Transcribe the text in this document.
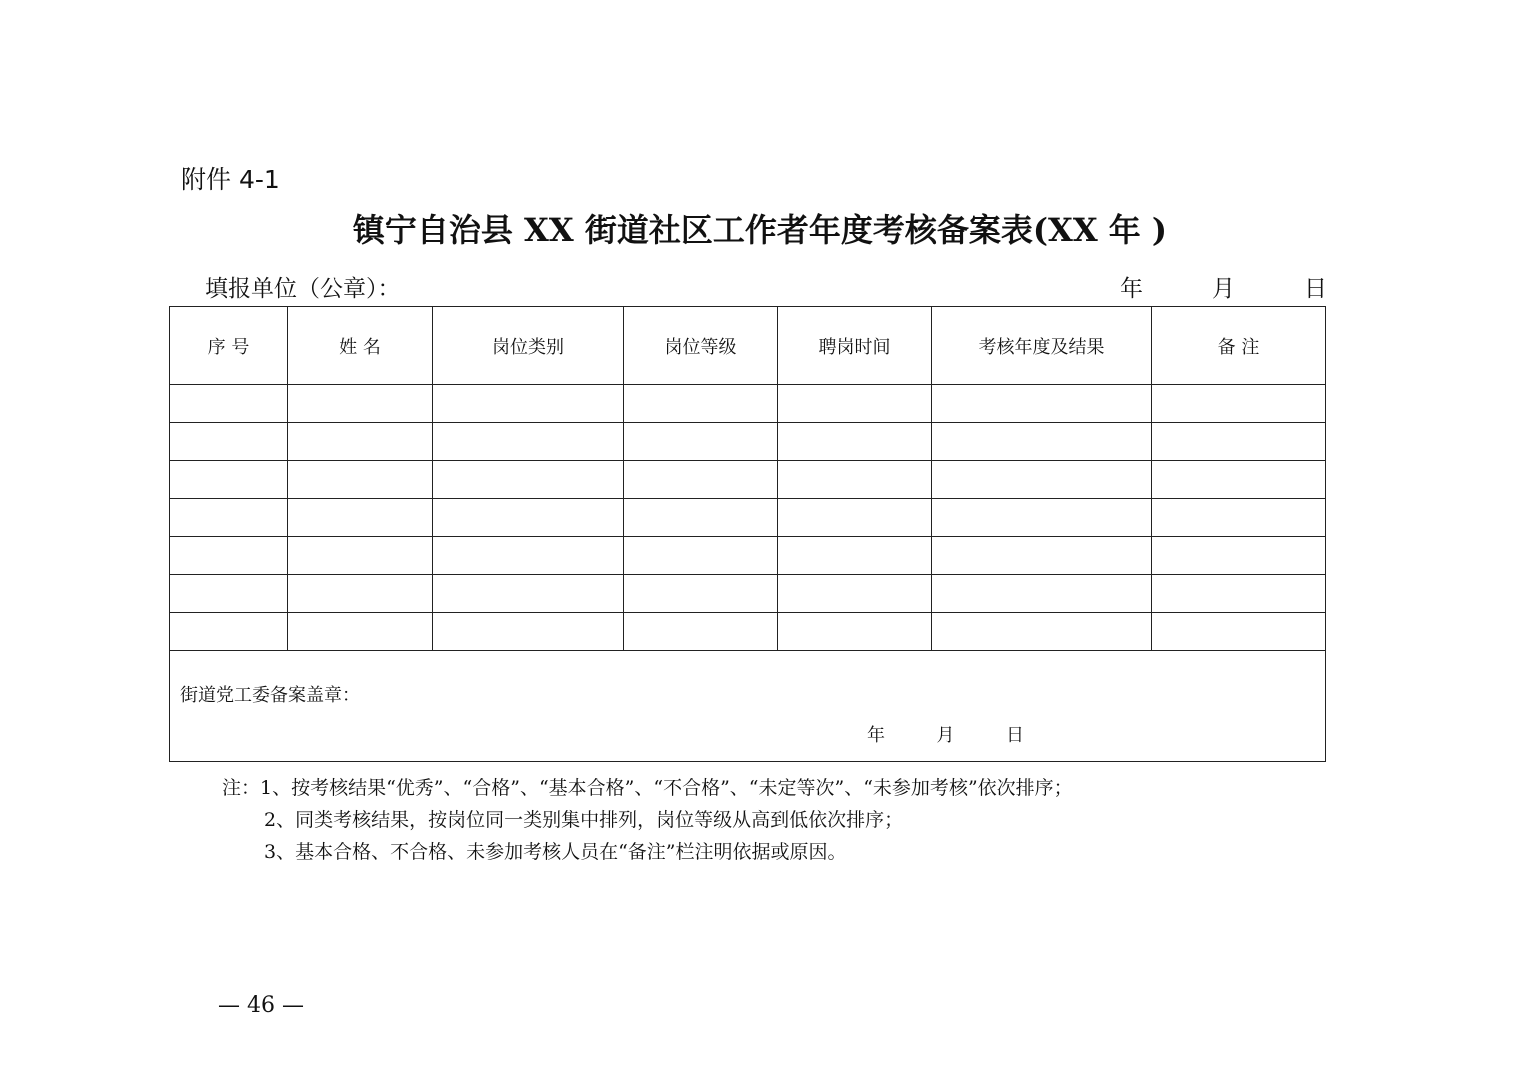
附件 4-1
镇宁自治县 XX 街道社区工作者年度考核备案表(XX 年 )
填报单位（公章）：	年　　　月　　　日
序 号	姓 名	岗位类别	岗位等级	聘岗时间	考核年度及结果	备 注

街道党工委备案盖章：
年         月         日						
注：1、按考核结果“优秀”、“合格”、“基本合格”、“不合格”、“未定等次”、“未参加考核”依次排序；
2、同类考核结果，按岗位同一类别集中排列，岗位等级从高到低依次排序；
3、基本合格、不合格、未参加考核人员在“备注”栏注明依据或原因。
— 46 —
